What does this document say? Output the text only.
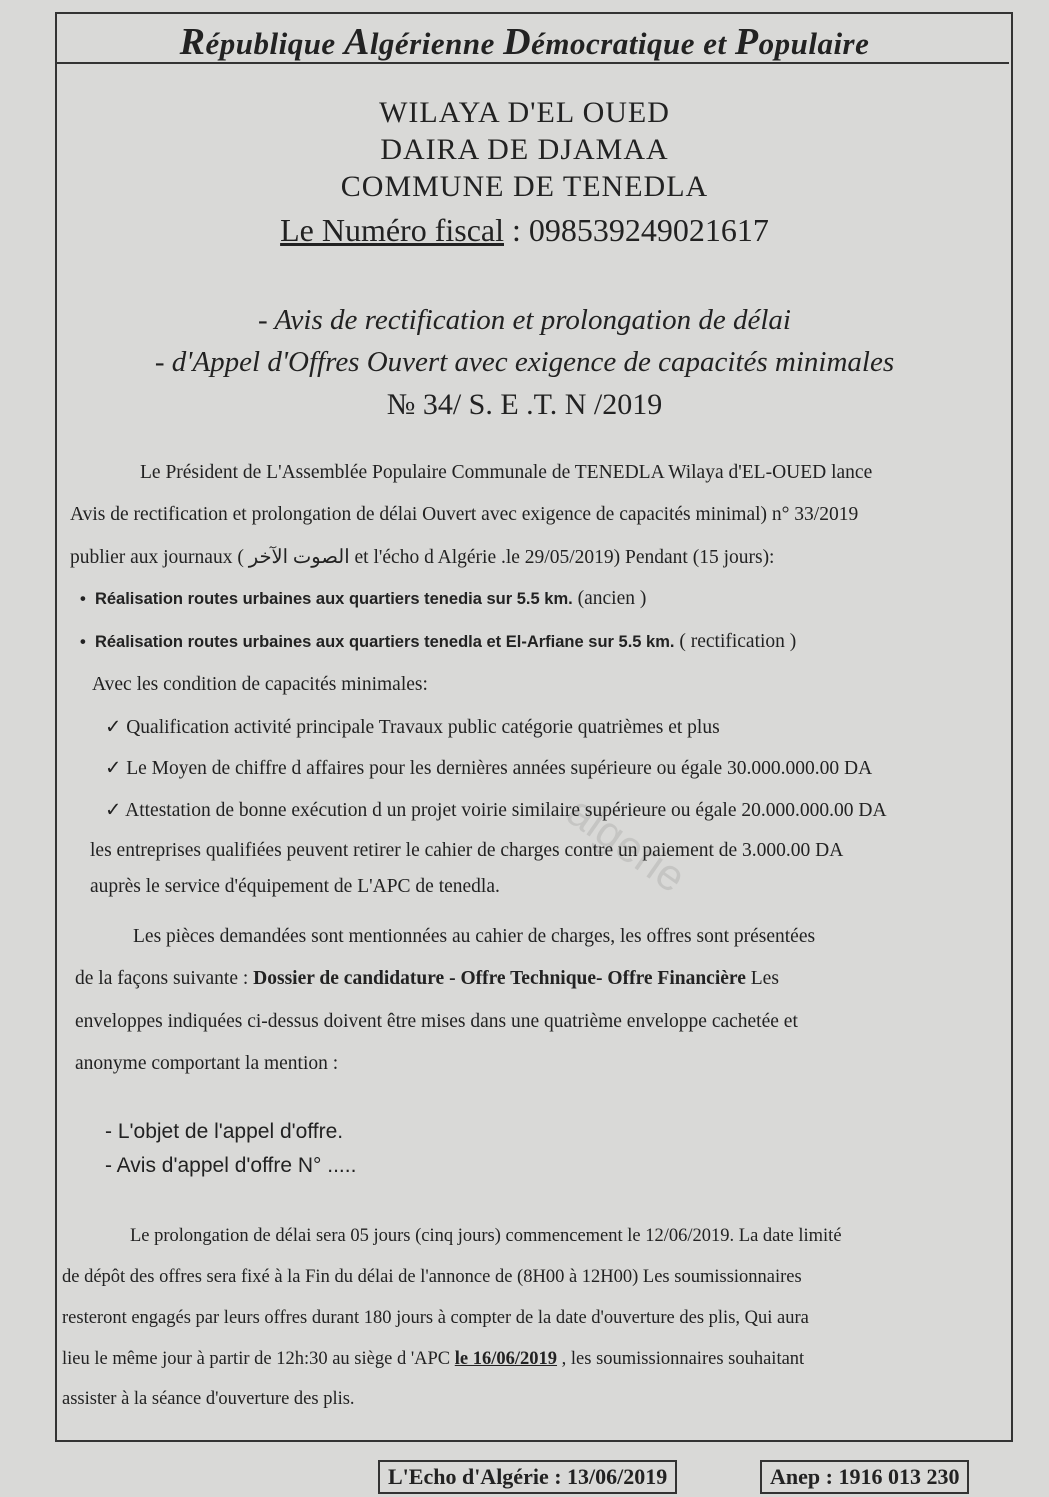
algerie
République Algérienne Démocratique et Populaire
WILAYA D'EL OUED
DAIRA DE DJAMAA
COMMUNE DE TENEDLA
Le Numéro fiscal : 098539249021617
- Avis de rectification et prolongation de délai
- d'Appel d'Offres Ouvert avec exigence de capacités minimales
№ 34/ S. E .T. N /2019
Le Président de L'Assemblée Populaire Communale de TENEDLA Wilaya d'EL-OUED lance
Avis de rectification et prolongation de délai Ouvert avec exigence de capacités minimal) n° 33/2019
publier aux journaux ( الصوت الآخر et l'écho d Algérie .le 29/05/2019) Pendant (15 jours):
•  Réalisation routes urbaines aux quartiers tenedia sur 5.5 km. (ancien )
•  Réalisation routes urbaines aux quartiers tenedla et El-Arfiane sur 5.5 km. ( rectification )
Avec les condition de capacités minimales:
✓ Qualification activité principale Travaux public catégorie quatrièmes et plus
✓ Le Moyen de chiffre d affaires pour les dernières années supérieure ou égale 30.000.000.00 DA
✓ Attestation de bonne exécution d un projet voirie similaire supérieure ou égale 20.000.000.00 DA
les entreprises qualifiées peuvent retirer le cahier de charges contre un paiement de 3.000.00 DA
auprès le service d'équipement de L'APC de tenedla.
Les pièces demandées sont mentionnées au cahier de charges, les offres sont présentées
de la façons suivante : Dossier de candidature - Offre Technique- Offre Financière Les
enveloppes indiquées ci-dessus doivent être mises dans une quatrième enveloppe cachetée et
anonyme comportant la mention :
- L'objet de l'appel d'offre.
- Avis d'appel d'offre N° .....
Le prolongation de délai sera 05 jours (cinq jours) commencement le 12/06/2019. La date limité
de dépôt des offres sera fixé à la Fin du délai de l'annonce de (8H00 à 12H00) Les soumissionnaires
resteront engagés par leurs offres durant 180 jours à compter de la date d'ouverture des plis, Qui aura
lieu le même jour à partir de 12h:30 au siège d 'APC le 16/06/2019 , les soumissionnaires souhaitant
assister à la séance d'ouverture des plis.
L'Echo d'Algérie : 13/06/2019	Anep : 1916 013 230
